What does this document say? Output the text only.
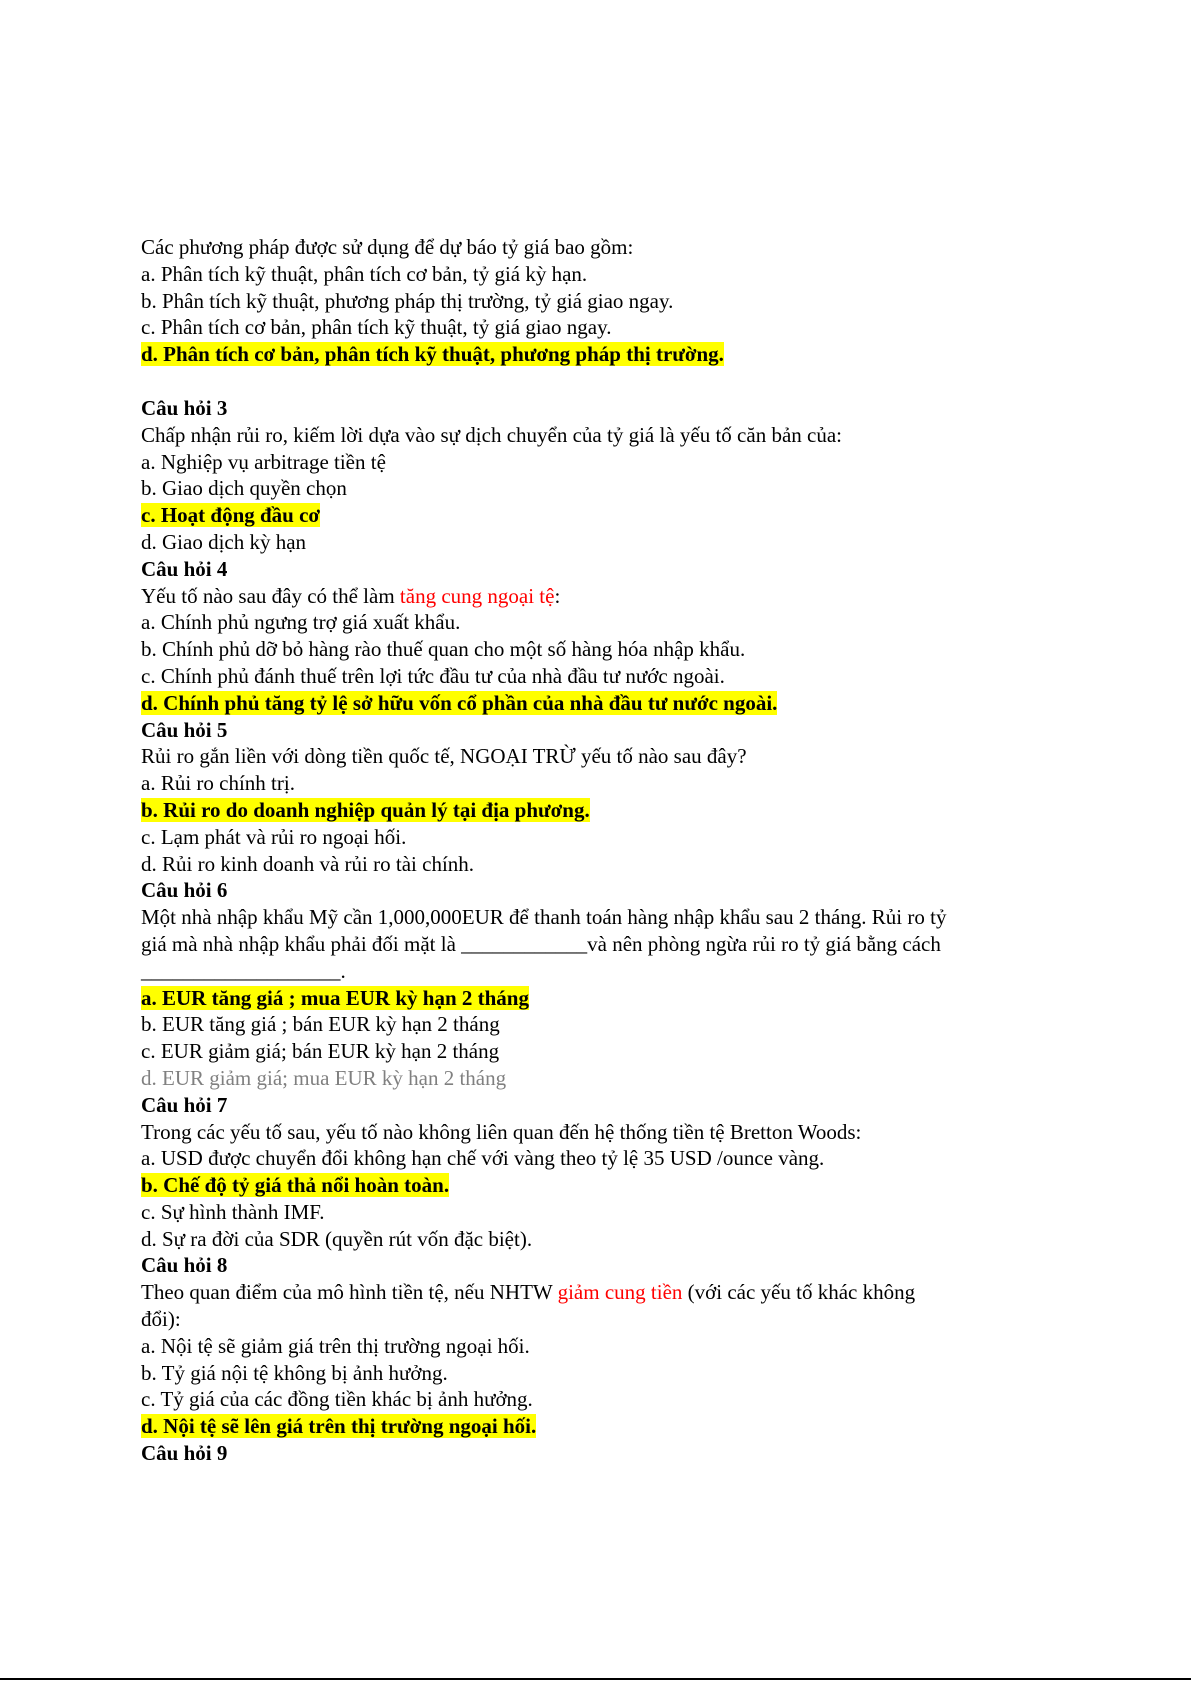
Các phương pháp được sử dụng để dự báo tỷ giá bao gồm:
a. Phân tích kỹ thuật, phân tích cơ bản, tỷ giá kỳ hạn.
b. Phân tích kỹ thuật, phương pháp thị trường, tỷ giá giao ngay.
c. Phân tích cơ bản, phân tích kỹ thuật, tỷ giá giao ngay.
d. Phân tích cơ bản, phân tích kỹ thuật, phương pháp thị trường.
Câu hỏi 3
Chấp nhận rủi ro, kiếm lời dựa vào sự dịch chuyển của tỷ giá là yếu tố căn bản của:
a. Nghiệp vụ arbitrage tiền tệ
b. Giao dịch quyền chọn
c. Hoạt động đầu cơ
d. Giao dịch kỳ hạn
Câu hỏi 4
Yếu tố nào sau đây có thể làm tăng cung ngoại tệ:
a. Chính phủ ngưng trợ giá xuất khẩu.
b. Chính phủ dỡ bỏ hàng rào thuế quan cho một số hàng hóa nhập khẩu.
c. Chính phủ đánh thuế trên lợi tức đầu tư của nhà đầu tư nước ngoài.
d. Chính phủ tăng tỷ lệ sở hữu vốn cổ phần của nhà đầu tư nước ngoài.
Câu hỏi 5
Rủi ro gắn liền với dòng tiền quốc tế, NGOẠI TRỪ yếu tố nào sau đây?
a. Rủi ro chính trị.
b. Rủi ro do doanh nghiệp quản lý tại địa phương.
c. Lạm phát và rủi ro ngoại hối.
d. Rủi ro kinh doanh và rủi ro tài chính.
Câu hỏi 6
Một nhà nhập khẩu Mỹ cần 1,000,000EUR để thanh toán hàng nhập khẩu sau 2 tháng. Rủi ro tỷ
giá mà nhà nhập khẩu phải đối mặt là ____________và nên phòng ngừa rủi ro tỷ giá bằng cách
___________________.
a. EUR tăng giá ; mua EUR kỳ hạn 2 tháng
b. EUR tăng giá ; bán EUR kỳ hạn 2 tháng
c. EUR giảm giá; bán EUR kỳ hạn 2 tháng
d. EUR giảm giá; mua EUR kỳ hạn 2 tháng
Câu hỏi 7
Trong các yếu tố sau, yếu tố nào không liên quan đến hệ thống tiền tệ Bretton Woods:
a. USD được chuyển đổi không hạn chế với vàng theo tỷ lệ 35 USD /ounce vàng.
b. Chế độ tỷ giá thả nổi hoàn toàn.
c. Sự hình thành IMF.
d. Sự ra đời của SDR (quyền rút vốn đặc biệt).
Câu hỏi 8
Theo quan điểm của mô hình tiền tệ, nếu NHTW giảm cung tiền (với các yếu tố khác không
đổi):
a. Nội tệ sẽ giảm giá trên thị trường ngoại hối.
b. Tỷ giá nội tệ không bị ảnh hưởng.
c. Tỷ giá của các đồng tiền khác bị ảnh hưởng.
d. Nội tệ sẽ lên giá trên thị trường ngoại hối.
Câu hỏi 9
